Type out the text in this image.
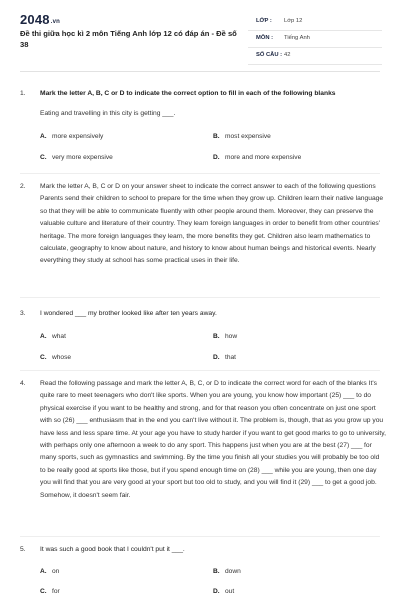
2048.vn
Đề thi giữa học kì 2 môn Tiếng Anh lớp 12 có đáp án - Đề số 38
LỚP : Lớp 12
MÔN : Tiếng Anh
SỐ CÂU : 42
1. Mark the letter A, B, C or D to indicate the correct option to fill in each of the following blanks
Eating and travelling in this city is getting ___.
A. more expensively	B. most expensive
C. very more expensive	D. more and more expensive
2. Mark the letter A, B, C or D on your answer sheet to indicate the correct answer to each of the following questions Parents send their children to school to prepare for the time when they grow up. Children learn their native language so that they will be able to communicate fluently with other people around them. Moreover, they can preserve the valuable culture and literature of their country. They learn foreign languages in order to benefit from other countries' heritage. The more foreign languages they learn, the more benefits they get. Children also learn mathematics to calculate, geography to know about nature, and history to know about human beings and historical events. Nearly everything they study at school has some practical uses in their life.
3. I wondered ___ my brother looked like after ten years away.
A. what	B. how
C. whose	D. that
4. Read the following passage and mark the letter A, B, C, or D to indicate the correct word for each of the blanks It's quite rare to meet teenagers who don't like sports. When you are young, you know how important (25) ___ to do physical exercise if you want to be healthy and strong, and for that reason you often concentrate on just one sport with so (26) ___ enthusiasm that in the end you can't live without it. The problem is, though, that as you grow up you have less and less spare time. At your age you have to study harder if you want to get good marks to go to university, with perhaps only one afternoon a week to do any sport. This happens just when you are at the best (27) ___ for many sports, such as gymnastics and swimming. By the time you finish all your studies you will probably be too old to be really good at sports like those, but if you spend enough time on (28) ___ while you are young, then one day you will find that you are very good at your sport but too old to study, and you will find it (29) ___ to get a good job. Somehow, it doesn't seem fair.
5. It was such a good book that I couldn't put it ___.
A. on	B. down
C. for	D. out
